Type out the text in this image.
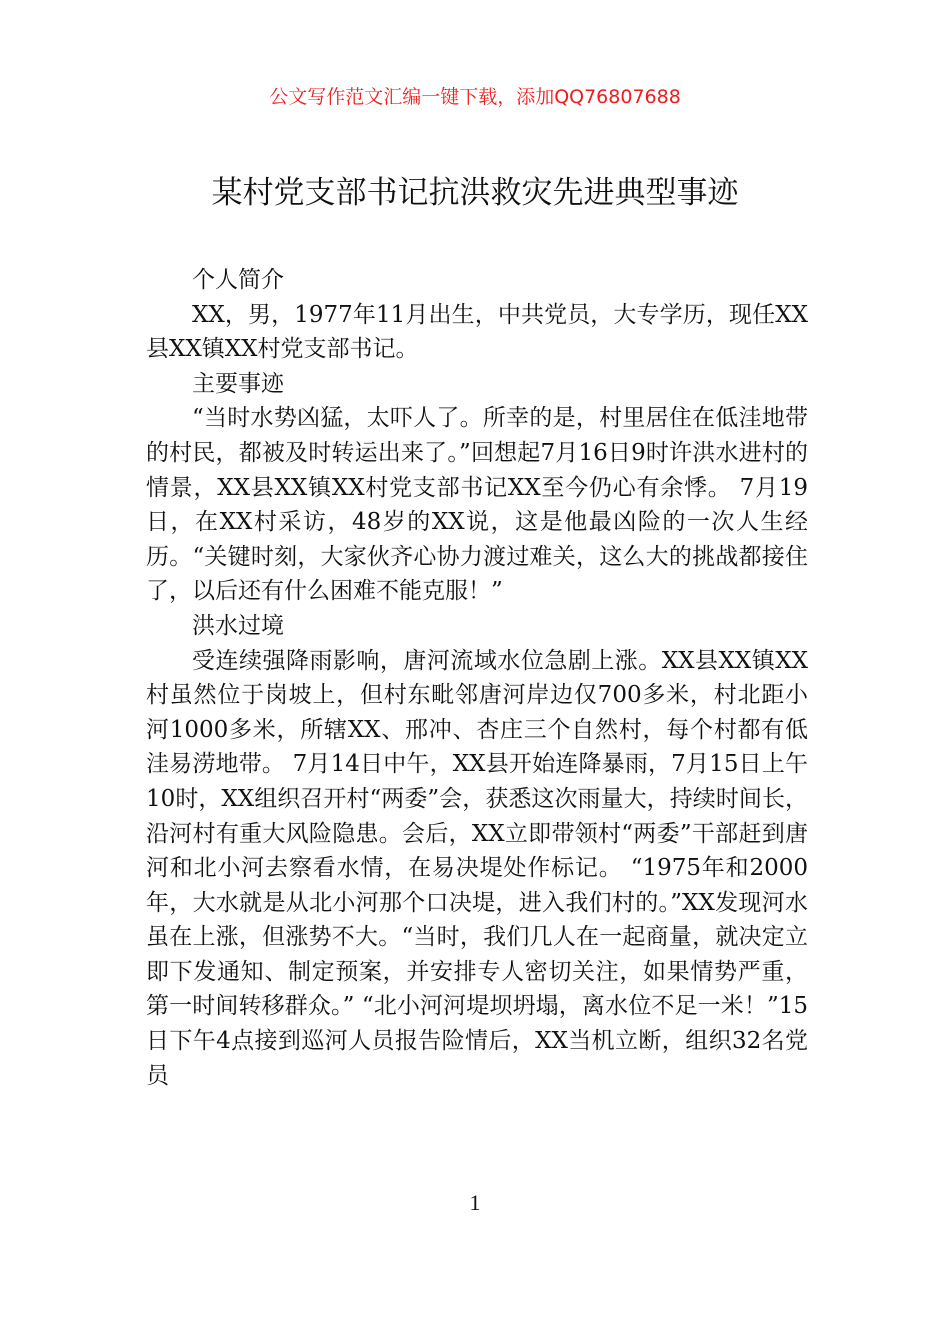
公文写作范文汇编一键下载，添加QQ76807688
某村党支部书记抗洪救灾先进典型事迹

个人简介

XX，男，1977年11月出生，中共党员，大专学历，现任XX县XX镇XX村党支部书记。

主要事迹

“当时水势凶猛，太吓人了。所幸的是，村里居住在低洼地带的村民，都被及时转运出来了。”回想起7月16日9时许洪水进村的情景，XX县XX镇XX村党支部书记XX至今仍心有余悸。 7月19日，在XX村采访，48岁的XX说，这是他最凶险的一次人生经历。“关键时刻，大家伙齐心协力渡过难关，这么大的挑战都接住了，以后还有什么困难不能克服！”

洪水过境

受连续强降雨影响，唐河流域水位急剧上涨。XX县XX镇XX村虽然位于岗坡上，但村东毗邻唐河岸边仅700多米，村北距小河1000多米，所辖XX、邢冲、杏庄三个自然村，每个村都有低洼易涝地带。 7月14日中午，XX县开始连降暴雨，7月15日上午10时，XX组织召开村“两委”会，获悉这次雨量大，持续时间长，沿河村有重大风险隐患。会后，XX立即带领村“两委”干部赶到唐河和北小河去察看水情，在易决堤处作标记。 “1975年和2000年，大水就是从北小河那个口决堤，进入我们村的。”XX发现河水虽在上涨，但涨势不大。“当时，我们几人在一起商量，就决定立即下发通知、制定预案，并安排专人密切关注，如果情势严重，第一时间转移群众。” “北小河河堤坝坍塌，离水位不足一米！”15日下午4点接到巡河人员报告险情后，XX当机立断，组织32名党员

1
